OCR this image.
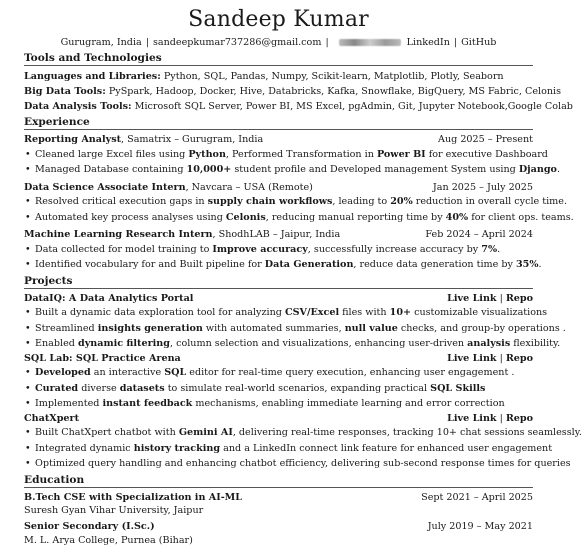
Sandeep Kumar
Gurugram, India | sandeepkumar737286@gmail.com |	LinkedIn | GitHub
Tools and Technologies
Languages and Libraries: Python, SQL, Pandas, Numpy, Scikit-learn, Matplotlib, Plotly, Seaborn
Big Data Tools: PySpark, Hadoop, Docker, Hive, Databricks, Kafka, Snowflake, BigQuery, MS Fabric, Celonis
Data Analysis Tools: Microsoft SQL Server, Power BI, MS Excel, pgAdmin, Git, Jupyter Notebook,Google Colab
Experience
Reporting Analyst, Samatrix – Gurugram, India	Aug 2025 – Present
• Cleaned large Excel files using Python, Performed Transformation in Power BI for executive Dashboard
• Managed Database containing 10,000+ student profile and Developed management System using Django.
Data Science Associate Intern, Navcara – USA (Remote)	Jan 2025 – July 2025
• Resolved critical execution gaps in supply chain workflows, leading to 20% reduction in overall cycle time.
• Automated key process analyses using Celonis, reducing manual reporting time by 40% for client ops. teams.
Machine Learning Research Intern, ShodhLAB – Jaipur, India	Feb 2024 – April 2024
• Data collected for model training to Improve accuracy, successfully increase accuracy by 7%.
• Identified vocabulary for and Built pipeline for Data Generation, reduce data generation time by 35%.
Projects
DataIQ: A Data Analytics Portal	Live Link | Repo
• Built a dynamic data exploration tool for analyzing CSV/Excel files with 10+ customizable visualizations
• Streamlined insights generation with automated summaries, null value checks, and group-by operations .
• Enabled dynamic filtering, column selection and visualizations, enhancing user-driven analysis flexibility.
SQL Lab: SQL Practice Arena	Live Link | Repo
• Developed an interactive SQL editor for real-time query execution, enhancing user engagement .
• Curated diverse datasets to simulate real-world scenarios, expanding practical SQL Skills
• Implemented instant feedback mechanisms, enabling immediate learning and error correction
ChatXpert	Live Link | Repo
• Built ChatXpert chatbot with Gemini AI, delivering real-time responses, tracking 10+ chat sessions seamlessly.
• Integrated dynamic history tracking and a LinkedIn connect link feature for enhanced user engagement
• Optimized query handling and enhancing chatbot efficiency, delivering sub-second response times for queries
Education
B.Tech CSE with Specialization in AI-ML	Sept 2021 – April 2025
Suresh Gyan Vihar University, Jaipur
Senior Secondary (I.Sc.)	July 2019 – May 2021
M. L. Arya College, Purnea (Bihar)
